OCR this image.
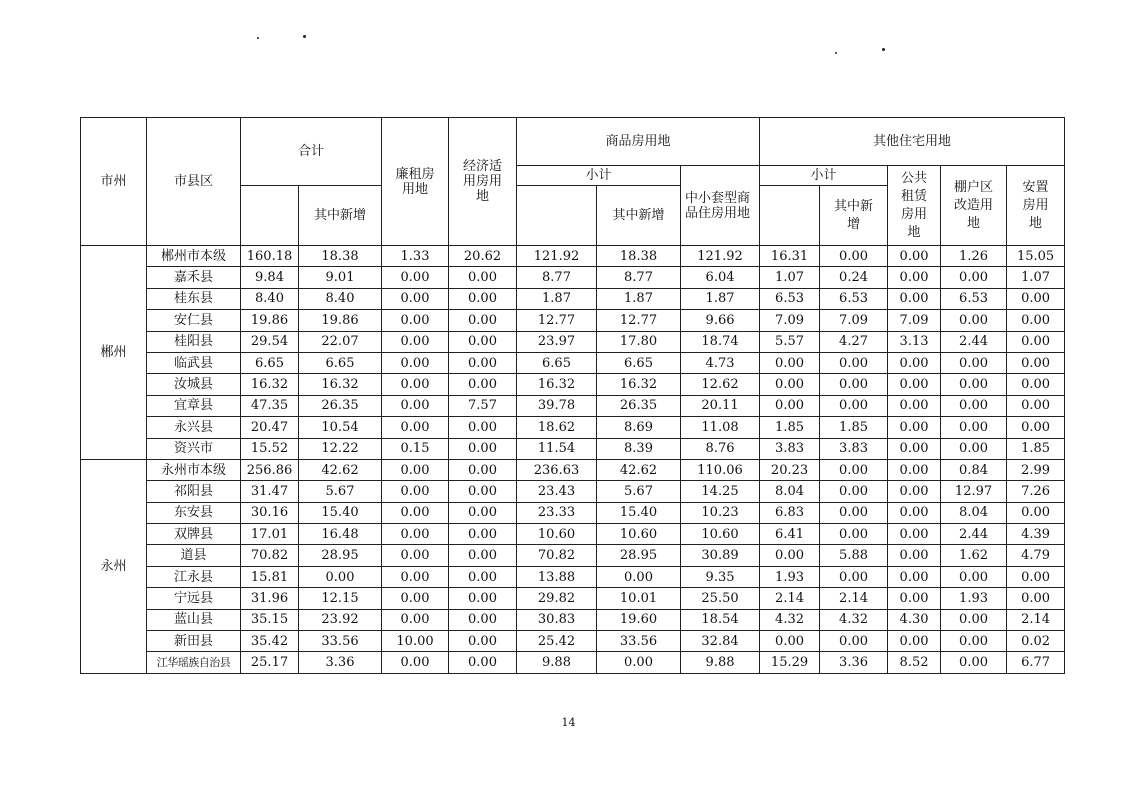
市州	市县区	合计		廉租房用地	经济适用房用地	商品房用地			其他住宅用地				
						小计		中小套型商品住房用地	小计		公共租赁房用地	棚户区改造用地	安置房用地

			其中新增				其中新增			其中新增			

郴州	郴州市本级	160.18	18.38	1.33	20.62	121.92	18.38	121.92	16.31	0.00	0.00	1.26	15.05
	嘉禾县	9.84	9.01	0.00	0.00	8.77	8.77	6.04	1.07	0.24	0.00	0.00	1.07
	桂东县	8.40	8.40	0.00	0.00	1.87	1.87	1.87	6.53	6.53	0.00	6.53	0.00
	安仁县	19.86	19.86	0.00	0.00	12.77	12.77	9.66	7.09	7.09	7.09	0.00	0.00
	桂阳县	29.54	22.07	0.00	0.00	23.97	17.80	18.74	5.57	4.27	3.13	2.44	0.00
	临武县	6.65	6.65	0.00	0.00	6.65	6.65	4.73	0.00	0.00	0.00	0.00	0.00
	汝城县	16.32	16.32	0.00	0.00	16.32	16.32	12.62	0.00	0.00	0.00	0.00	0.00
	宜章县	47.35	26.35	0.00	7.57	39.78	26.35	20.11	0.00	0.00	0.00	0.00	0.00
	永兴县	20.47	10.54	0.00	0.00	18.62	8.69	11.08	1.85	1.85	0.00	0.00	0.00
	资兴市	15.52	12.22	0.15	0.00	11.54	8.39	8.76	3.83	3.83	0.00	0.00	1.85
永州	永州市本级	256.86	42.62	0.00	0.00	236.63	42.62	110.06	20.23	0.00	0.00	0.84	2.99
	祁阳县	31.47	5.67	0.00	0.00	23.43	5.67	14.25	8.04	0.00	0.00	12.97	7.26
	东安县	30.16	15.40	0.00	0.00	23.33	15.40	10.23	6.83	0.00	0.00	8.04	0.00
	双牌县	17.01	16.48	0.00	0.00	10.60	10.60	10.60	6.41	0.00	0.00	2.44	4.39
	道县	70.82	28.95	0.00	0.00	70.82	28.95	30.89	0.00	5.88	0.00	1.62	4.79
	江永县	15.81	0.00	0.00	0.00	13.88	0.00	9.35	1.93	0.00	0.00	0.00	0.00
	宁远县	31.96	12.15	0.00	0.00	29.82	10.01	25.50	2.14	2.14	0.00	1.93	0.00
	蓝山县	35.15	23.92	0.00	0.00	30.83	19.60	18.54	4.32	4.32	4.30	0.00	2.14
	新田县	35.42	33.56	10.00	0.00	25.42	33.56	32.84	0.00	0.00	0.00	0.00	0.02
	江华瑶族自治县	25.17	3.36	0.00	0.00	9.88	0.00	9.88	15.29	3.36	8.52	0.00	6.77
14
